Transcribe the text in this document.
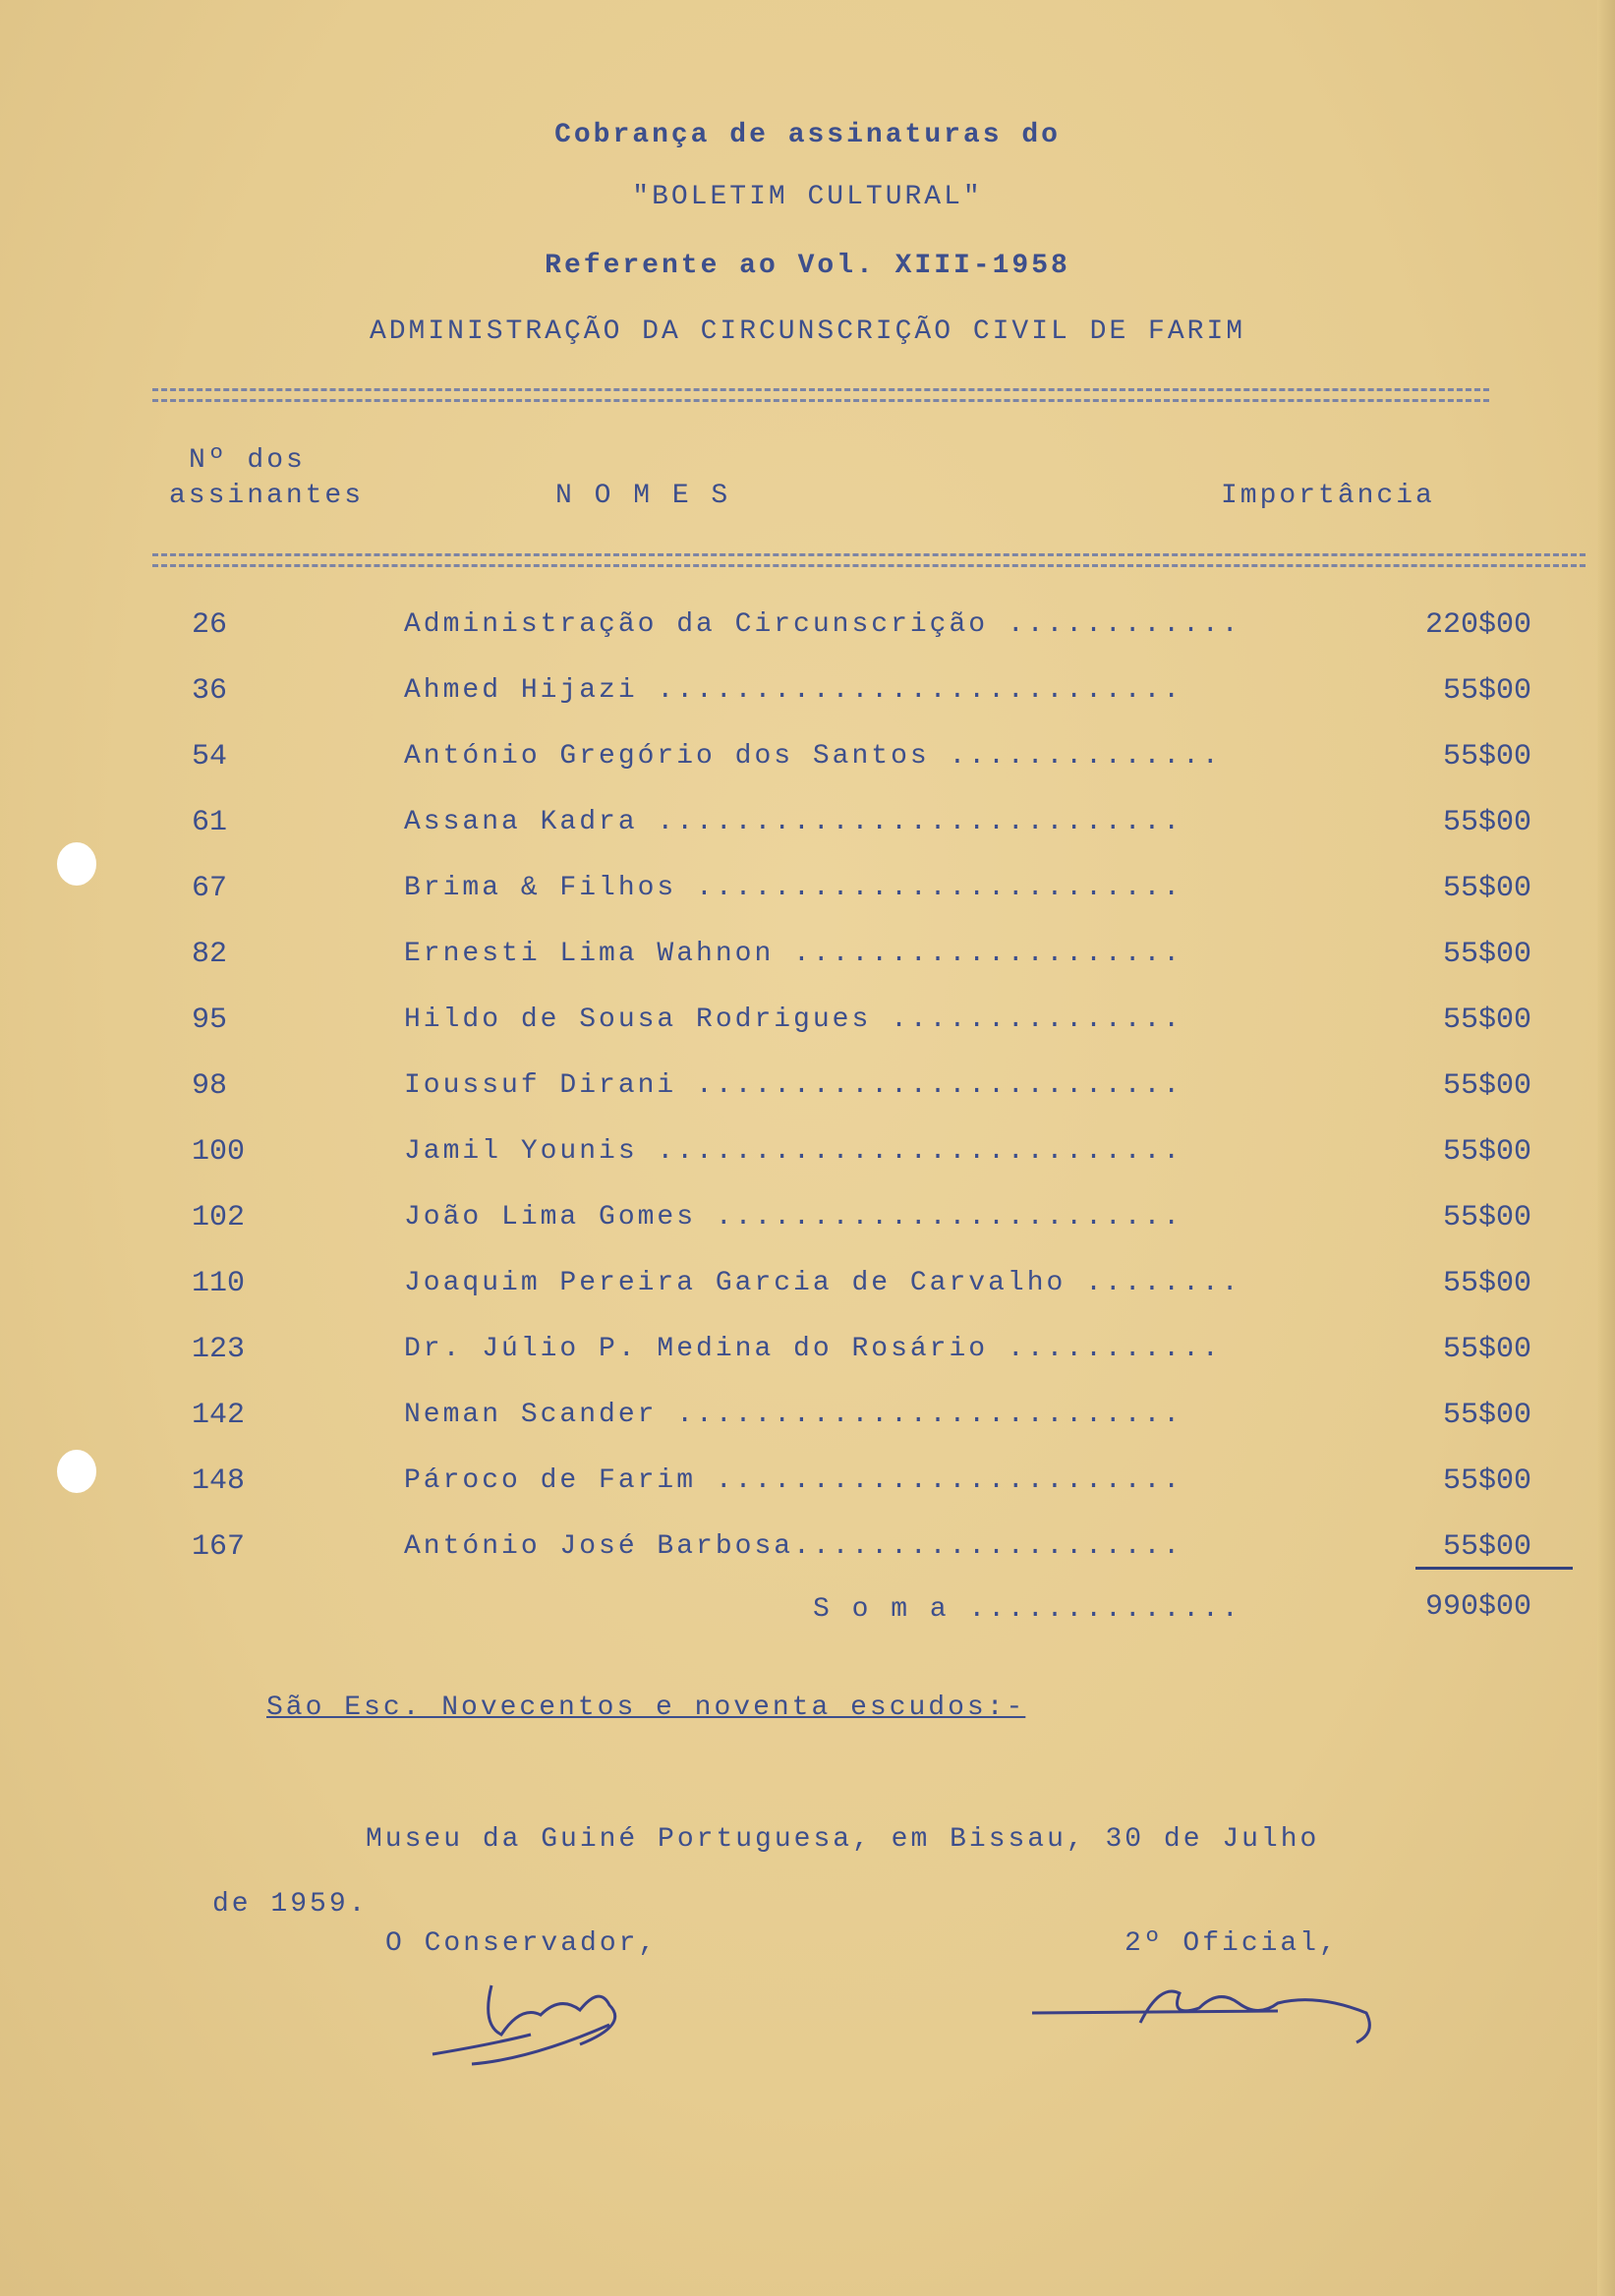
Cobrança de assinaturas do
"BOLETIM CULTURAL"
Referente ao Vol. XIII-1958
ADMINISTRAÇÃO DA CIRCUNSCRIÇÃO CIVIL DE FARIM
Nº dos
assinantes	N O M E S	Importância
26	Administração da Circunscrição ............	220$00
36	Ahmed Hijazi ...........................	55$00
54	António Gregório dos Santos ..............	55$00
61	Assana Kadra ...........................	55$00
67	Brima & Filhos .........................	55$00
82	Ernesti Lima Wahnon ....................	55$00
95	Hildo de Sousa Rodrigues ...............	55$00
98	Ioussuf Dirani .........................	55$00
100	Jamil Younis ...........................	55$00
102	João Lima Gomes ........................	55$00
110	Joaquim Pereira Garcia de Carvalho ........	55$00
123	Dr. Júlio P. Medina do Rosário ...........	55$00
142	Neman Scander ..........................	55$00
148	Pároco de Farim ........................	55$00
167	António José Barbosa....................	55$00
S o m a ..............	990$00
São Esc. Novecentos e noventa escudos:-
Museu da Guiné Portuguesa, em Bissau, 30 de Julho
de 1959.
O Conservador,	2º Oficial,
